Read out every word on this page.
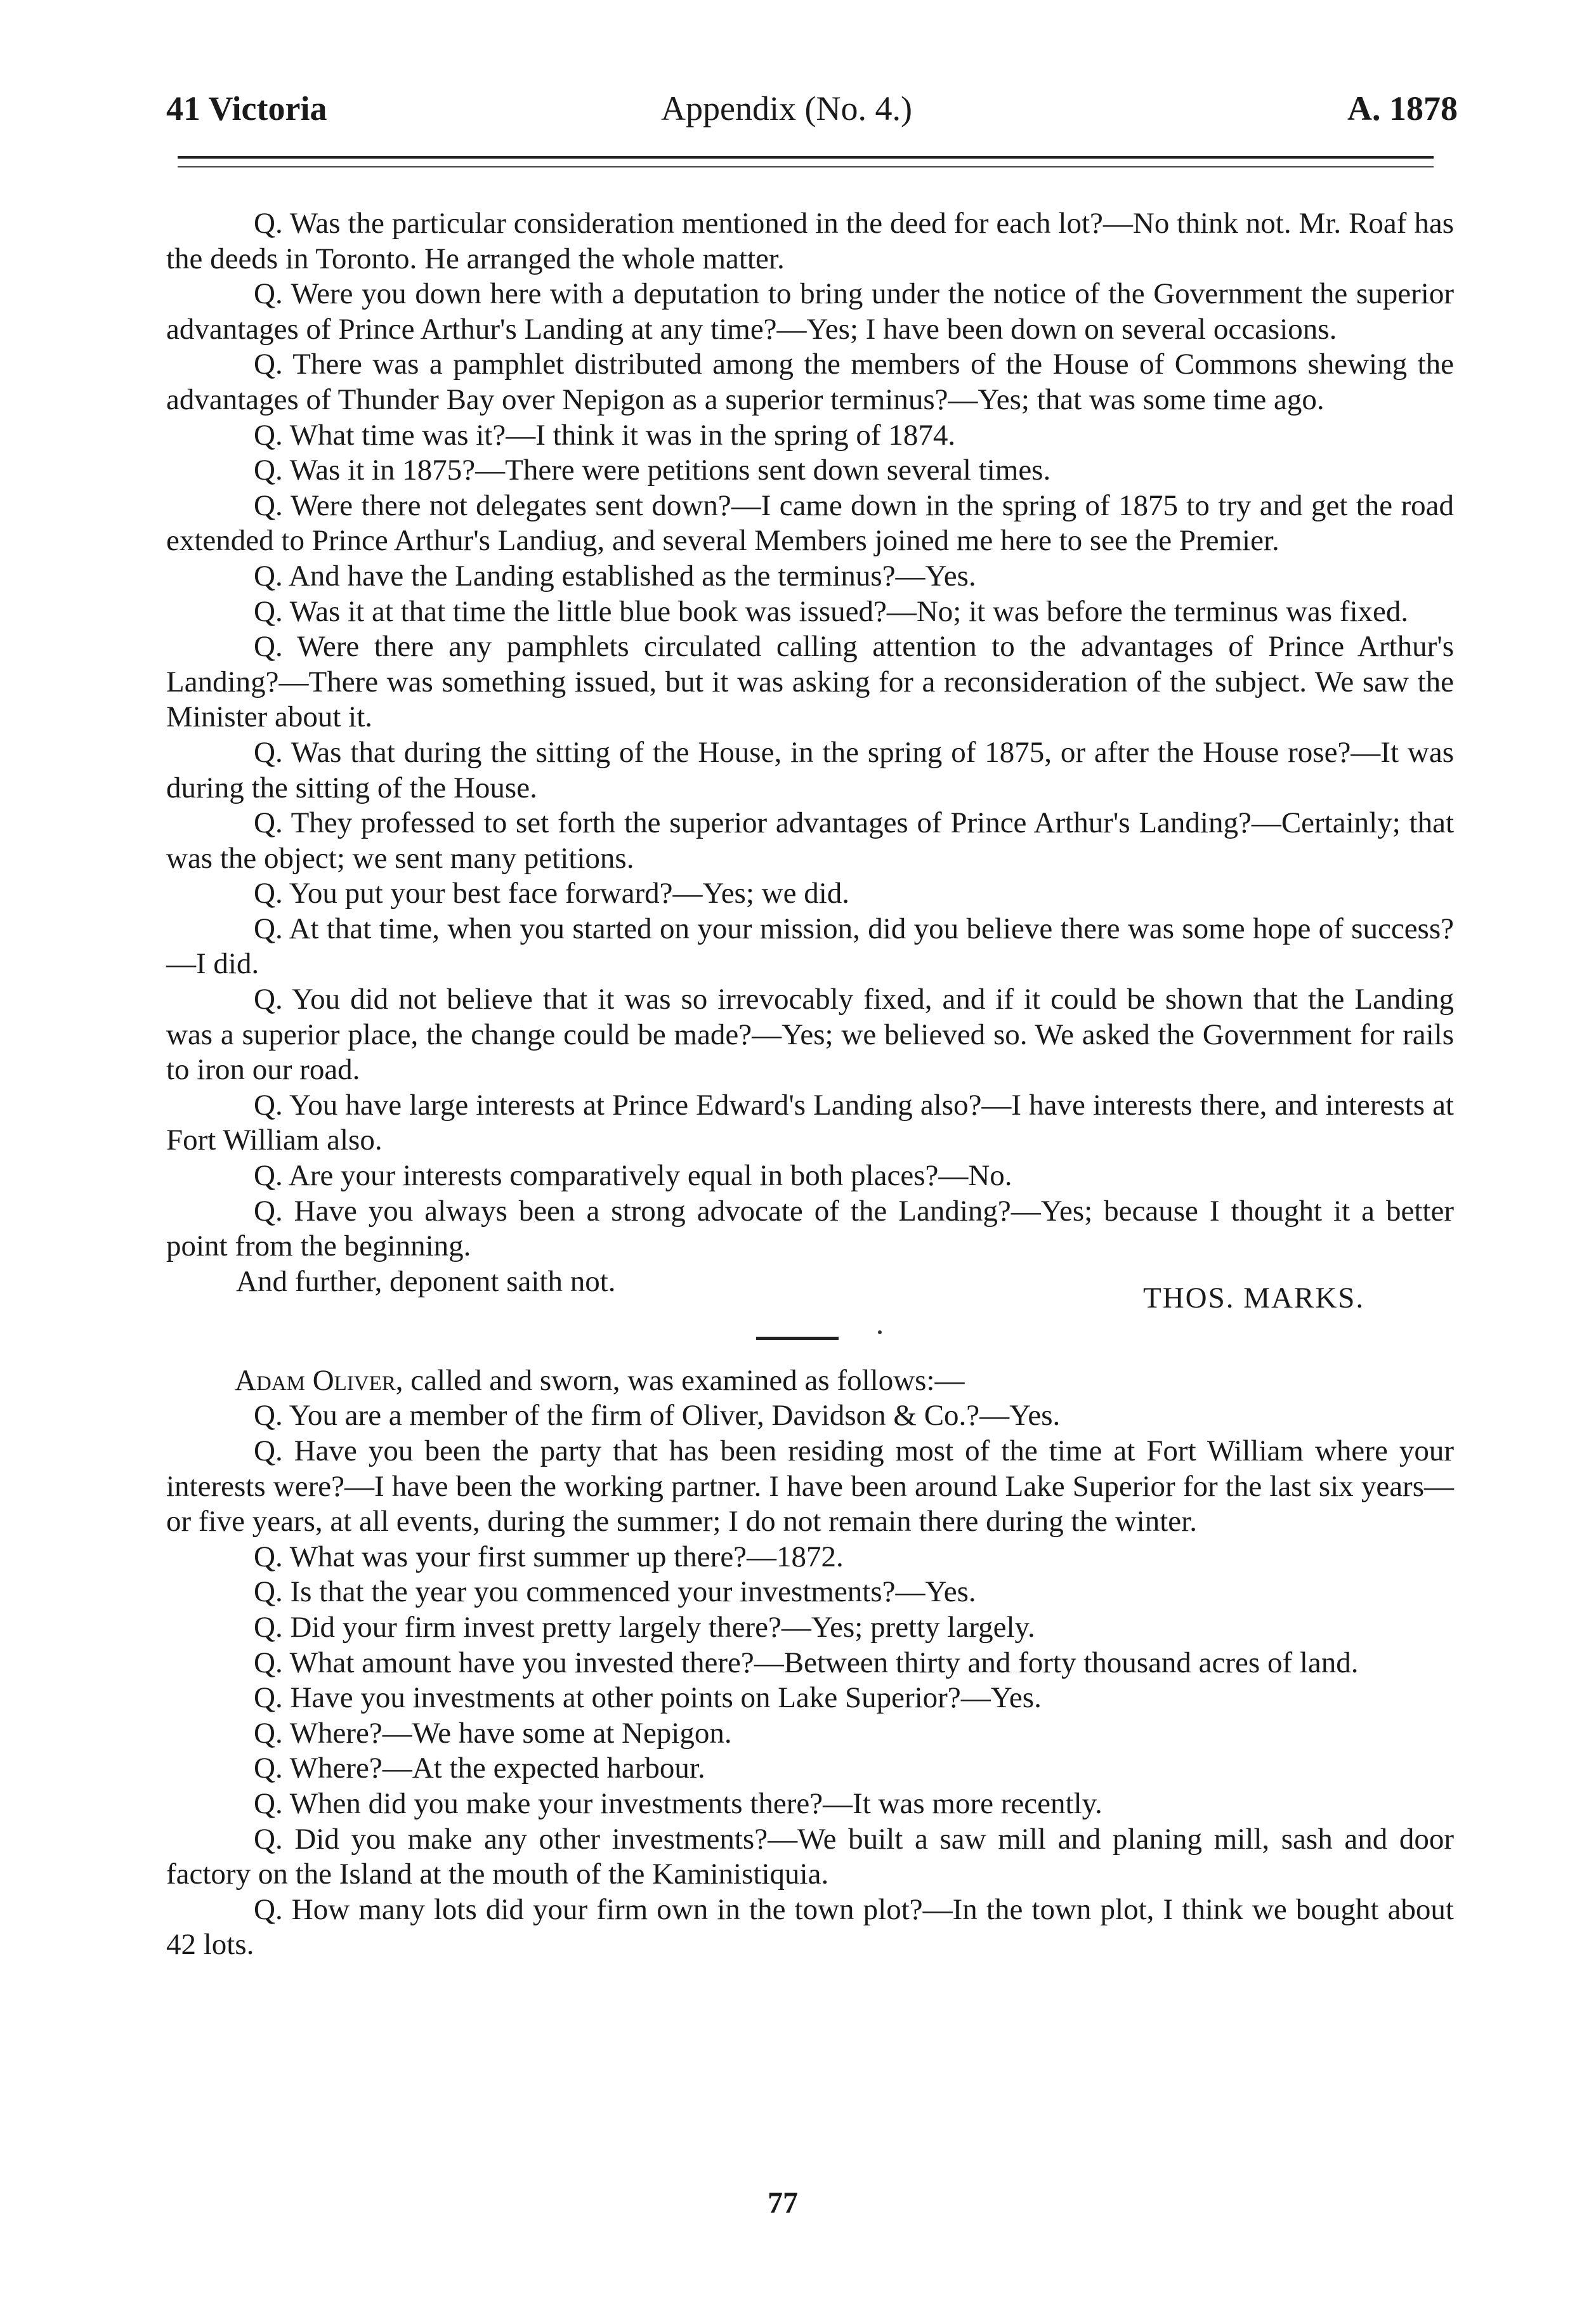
41 Victoria	Appendix (No. 4.)	A. 1878

Q. Was the particular consideration mentioned in the deed for each lot?—No think not. Mr. Roaf has the deeds in Toronto. He arranged the whole matter.

Q. Were you down here with a deputation to bring under the notice of the Government the superior advantages of Prince Arthur's Landing at any time?—Yes; I have been down on several occasions.

Q. There was a pamphlet distributed among the members of the House of Commons shewing the advantages of Thunder Bay over Nepigon as a superior terminus?—Yes; that was some time ago.

Q. What time was it?—I think it was in the spring of 1874.

Q. Was it in 1875?—There were petitions sent down several times.

Q. Were there not delegates sent down?—I came down in the spring of 1875 to try and get the road extended to Prince Arthur's Landiug, and several Members joined me here to see the Premier.

Q. And have the Landing established as the terminus?—Yes.

Q. Was it at that time the little blue book was issued?—No; it was before the terminus was fixed.

Q. Were there any pamphlets circulated calling attention to the advantages of Prince Arthur's Landing?—There was something issued, but it was asking for a reconsideration of the subject. We saw the Minister about it.

Q. Was that during the sitting of the House, in the spring of 1875, or after the House rose?—It was during the sitting of the House.

Q. They professed to set forth the superior advantages of Prince Arthur's Landing?—Certainly; that was the object; we sent many petitions.

Q. You put your best face forward?—Yes; we did.

Q. At that time, when you started on your mission, did you believe there was some hope of success?—I did.

Q. You did not believe that it was so irrevocably fixed, and if it could be shown that the Landing was a superior place, the change could be made?—Yes; we believed so. We asked the Government for rails to iron our road.

Q. You have large interests at Prince Edward's Landing also?—I have interests there, and interests at Fort William also.

Q. Are your interests comparatively equal in both places?—No.

Q. Have you always been a strong advocate of the Landing?—Yes; because I thought it a better point from the beginning.

And further, deponent saith not.	THOS. MARKS.

Adam Oliver, called and sworn, was examined as follows:—

Q. You are a member of the firm of Oliver, Davidson & Co.?—Yes.

Q. Have you been the party that has been residing most of the time at Fort William where your interests were?—I have been the working partner. I have been around Lake Superior for the last six years—or five years, at all events, during the summer; I do not remain there during the winter.

Q. What was your first summer up there?—1872.

Q. Is that the year you commenced your investments?—Yes.

Q. Did your firm invest pretty largely there?—Yes; pretty largely.

Q. What amount have you invested there?—Between thirty and forty thousand acres of land.

Q. Have you investments at other points on Lake Superior?—Yes.

Q. Where?—We have some at Nepigon.

Q. Where?—At the expected harbour.

Q. When did you make your investments there?—It was more recently.

Q. Did you make any other investments?—We built a saw mill and planing mill, sash and door factory on the Island at the mouth of the Kaministiquia.

Q. How many lots did your firm own in the town plot?—In the town plot, I think we bought about 42 lots.

77
